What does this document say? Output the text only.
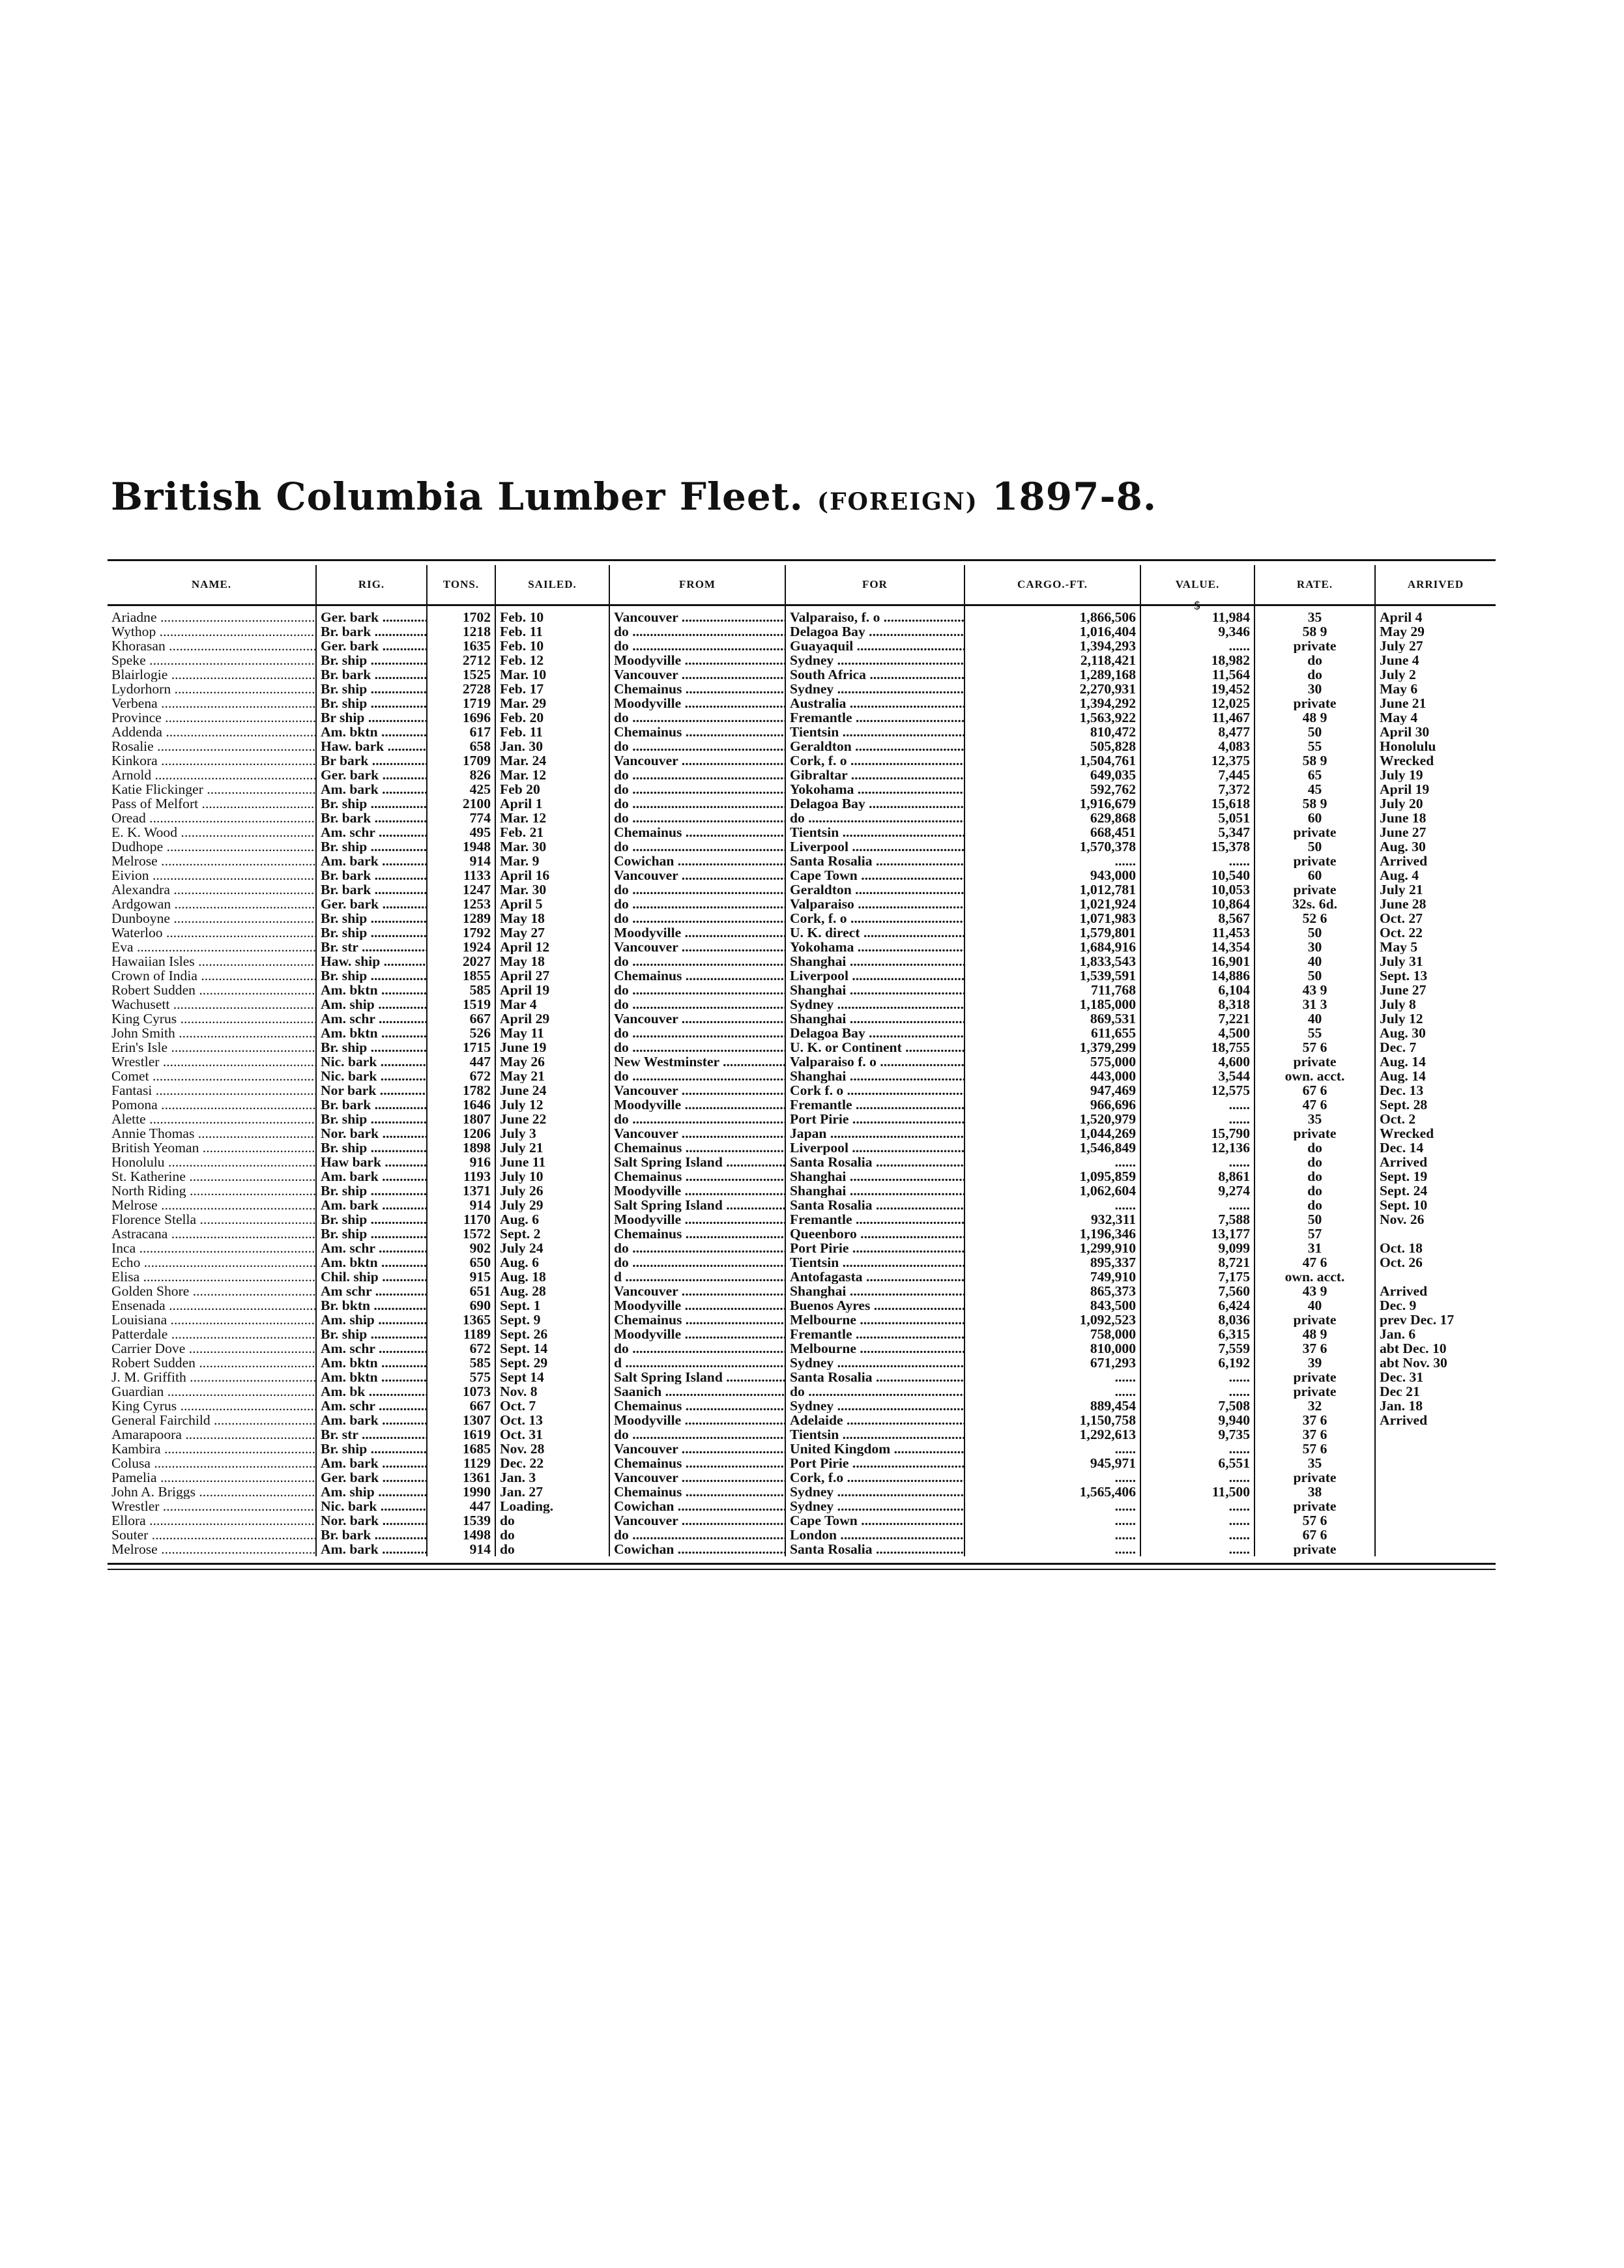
British Columbia Lumber Fleet. (FOREIGN) 1897-8.
NAME.	RIG.	TONS.	SAILED.	FROM	FOR	CARGO.-FT.	VALUE.	RATE.	ARRIVED
Ariadne .....	Ger. bark .....	1702	Feb. 10	Vancouver .....	Valparaiso, f. o .....	1,866,506	11,984	35	April 4
Wythop .....	Br. bark .....	1218	Feb. 11	do .....	Delagoa Bay .....	1,016,404	9,346	58 9	May 29
Khorasan .....	Ger. bark .....	1635	Feb. 10	do .....	Guayaquil .....	1,394,293	......	private	July 27
Speke .....	Br. ship .....	2712	Feb. 12	Moodyville .....	Sydney .....	2,118,421	18,982	do	June 4
Blairlogie .....	Br. bark .....	1525	Mar. 10	Vancouver .....	South Africa .....	1,289,168	11,564	do	July 2
Lydorhorn .....	Br. ship .....	2728	Feb. 17	Chemainus .....	Sydney .....	2,270,931	19,452	30	May 6
Verbena .....	Br. ship .....	1719	Mar. 29	Moodyville .....	Australia .....	1,394,292	12,025	private	June 21
Province .....	Br ship .....	1696	Feb. 20	do .....	Fremantle .....	1,563,922	11,467	48 9	May 4
Addenda .....	Am. bktn .....	617	Feb. 11	Chemainus .....	Tientsin .....	810,472	8,477	50	April 30
Rosalie .....	Haw. bark .....	658	Jan. 30	do .....	Geraldton .....	505,828	4,083	55	Honolulu
Kinkora .....	Br bark .....	1709	Mar. 24	Vancouver .....	Cork, f. o .....	1,504,761	12,375	58 9	Wrecked
Arnold .....	Ger. bark .....	826	Mar. 12	do .....	Gibraltar .....	649,035	7,445	65	July 19
Katie Flickinger .....	Am. bark .....	425	Feb 20	do .....	Yokohama .....	592,762	7,372	45	April 19
Pass of Melfort .....	Br. ship .....	2100	April 1	do .....	Delagoa Bay .....	1,916,679	15,618	58 9	July 20
Oread .....	Br. bark .....	774	Mar. 12	do .....	do .....	629,868	5,051	60	June 18
E. K. Wood .....	Am. schr .....	495	Feb. 21	Chemainus .....	Tientsin .....	668,451	5,347	private	June 27
Dudhope .....	Br. ship .....	1948	Mar. 30	do .....	Liverpool .....	1,570,378	15,378	50	Aug. 30
Melrose .....	Am. bark .....	914	Mar. 9	Cowichan .....	Santa Rosalia .....	......	......	private	Arrived
Eivion .....	Br. bark .....	1133	April 16	Vancouver .....	Cape Town .....	943,000	10,540	60	Aug. 4
Alexandra .....	Br. bark .....	1247	Mar. 30	do .....	Geraldton .....	1,012,781	10,053	private	July 21
Ardgowan .....	Ger. bark .....	1253	April 5	do .....	Valparaiso .....	1,021,924	10,864	32s. 6d.	June 28
Dunboyne .....	Br. ship .....	1289	May 18	do .....	Cork, f. o .....	1,071,983	8,567	52 6	Oct. 27
Waterloo .....	Br. ship .....	1792	May 27	Moodyville .....	U. K. direct .....	1,579,801	11,453	50	Oct. 22
Eva .....	Br. str .....	1924	April 12	Vancouver .....	Yokohama .....	1,684,916	14,354	30	May 5
Hawaiian Isles .....	Haw. ship .....	2027	May 18	do .....	Shanghai .....	1,833,543	16,901	40	July 31
Crown of India .....	Br. ship .....	1855	April 27	Chemainus .....	Liverpool .....	1,539,591	14,886	50	Sept. 13
Robert Sudden .....	Am. bktn .....	585	April 19	do .....	Shanghai .....	711,768	6,104	43 9	June 27
Wachusett .....	Am. ship .....	1519	Mar 4	do .....	Sydney .....	1,185,000	8,318	31 3	July 8
King Cyrus .....	Am. schr .....	667	April 29	Vancouver .....	Shanghai .....	869,531	7,221	40	July 12
John Smith .....	Am. bktn .....	526	May 11	do .....	Delagoa Bay .....	611,655	4,500	55	Aug. 30
Erin's Isle .....	Br. ship .....	1715	June 19	do .....	U. K. or Continent .....	1,379,299	18,755	57 6	Dec. 7
Wrestler .....	Nic. bark .....	447	May 26	New Westminster .....	Valparaiso f. o .....	575,000	4,600	private	Aug. 14
Comet .....	Nic. bark .....	672	May 21	do .....	Shanghai .....	443,000	3,544	own. acct.	Aug. 14
Fantasi .....	Nor bark .....	1782	June 24	Vancouver .....	Cork f. o .....	947,469	12,575	67 6	Dec. 13
Pomona .....	Br. bark .....	1646	July 12	Moodyville .....	Fremantle .....	966,696	......	47 6	Sept. 28
Alette .....	Br. ship .....	1807	June 22	do .....	Port Pirie .....	1,520,979	......	35	Oct. 2
Annie Thomas .....	Nor. bark .....	1206	July 3	Vancouver .....	Japan .....	1,044,269	15,790	private	Wrecked
British Yeoman .....	Br. ship .....	1898	July 21	Chemainus .....	Liverpool .....	1,546,849	12,136	do	Dec. 14
Honolulu .....	Haw bark .....	916	June 11	Salt Spring Island .....	Santa Rosalia .....	......	......	do	Arrived
St. Katherine .....	Am. bark .....	1193	July 10	Chemainus .....	Shanghai .....	1,095,859	8,861	do	Sept. 19
North Riding .....	Br. ship .....	1371	July 26	Moodyville .....	Shanghai .....	1,062,604	9,274	do	Sept. 24
Melrose .....	Am. bark .....	914	July 29	Salt Spring Island .....	Santa Rosalia .....	......	......	do	Sept. 10
Florence Stella .....	Br. ship .....	1170	Aug. 6	Moodyville .....	Fremantle .....	932,311	7,588	50	Nov. 26
Astracana .....	Br. ship .....	1572	Sept. 2	Chemainus .....	Queenboro .....	1,196,346	13,177	57	
Inca .....	Am. schr .....	902	July 24	do .....	Port Pirie .....	1,299,910	9,099	31	Oct. 18
Echo .....	Am. bktn .....	650	Aug. 6	do .....	Tientsin .....	895,337	8,721	47 6	Oct. 26
Elisa .....	Chil. ship .....	915	Aug. 18	d .....	Antofagasta .....	749,910	7,175	own. acct.	
Golden Shore .....	Am schr .....	651	Aug. 28	Vancouver .....	Shanghai .....	865,373	7,560	43 9	Arrived
Ensenada .....	Br. bktn .....	690	Sept. 1	Moodyville .....	Buenos Ayres .....	843,500	6,424	40	Dec. 9
Louisiana .....	Am. ship .....	1365	Sept. 9	Chemainus .....	Melbourne .....	1,092,523	8,036	private	prev Dec. 17
Patterdale .....	Br. ship .....	1189	Sept. 26	Moodyville .....	Fremantle .....	758,000	6,315	48 9	Jan. 6
Carrier Dove .....	Am. schr .....	672	Sept. 14	do .....	Melbourne .....	810,000	7,559	37 6	abt Dec. 10
Robert Sudden .....	Am. bktn .....	585	Sept. 29	d .....	Sydney .....	671,293	6,192	39	abt Nov. 30
J. M. Griffith .....	Am. bktn .....	575	Sept 14	Salt Spring Island .....	Santa Rosalia .....	......	......	private	Dec. 31
Guardian .....	Am. bk .....	1073	Nov. 8	Saanich .....	do .....	......	......	private	Dec 21
King Cyrus .....	Am. schr .....	667	Oct. 7	Chemainus .....	Sydney .....	889,454	7,508	32	Jan. 18
General Fairchild .....	Am. bark .....	1307	Oct. 13	Moodyville .....	Adelaide .....	1,150,758	9,940	37 6	Arrived
Amarapoora .....	Br. str .....	1619	Oct. 31	do .....	Tientsin .....	1,292,613	9,735	37 6	
Kambira .....	Br. ship .....	1685	Nov. 28	Vancouver .....	United Kingdom .....	......	......	57 6	
Colusa .....	Am. bark .....	1129	Dec. 22	Chemainus .....	Port Pirie .....	945,971	6,551	35	
Pamelia .....	Ger. bark .....	1361	Jan. 3	Vancouver .....	Cork, f.o .....	......	......	private	
John A. Briggs .....	Am. ship .....	1990	Jan. 27	Chemainus .....	Sydney .....	1,565,406	11,500	38	
Wrestler .....	Nic. bark .....	447	Loading.	Cowichan .....	Sydney .....	......	......	private	
Ellora .....	Nor. bark .....	1539	do	Vancouver .....	Cape Town .....	......	......	57 6	
Souter .....	Br. bark .....	1498	do	do .....	London .....	......	......	67 6	
Melrose .....	Am. bark .....	914	do	Cowichan .....	Santa Rosalia .....	......	......	private	
$
